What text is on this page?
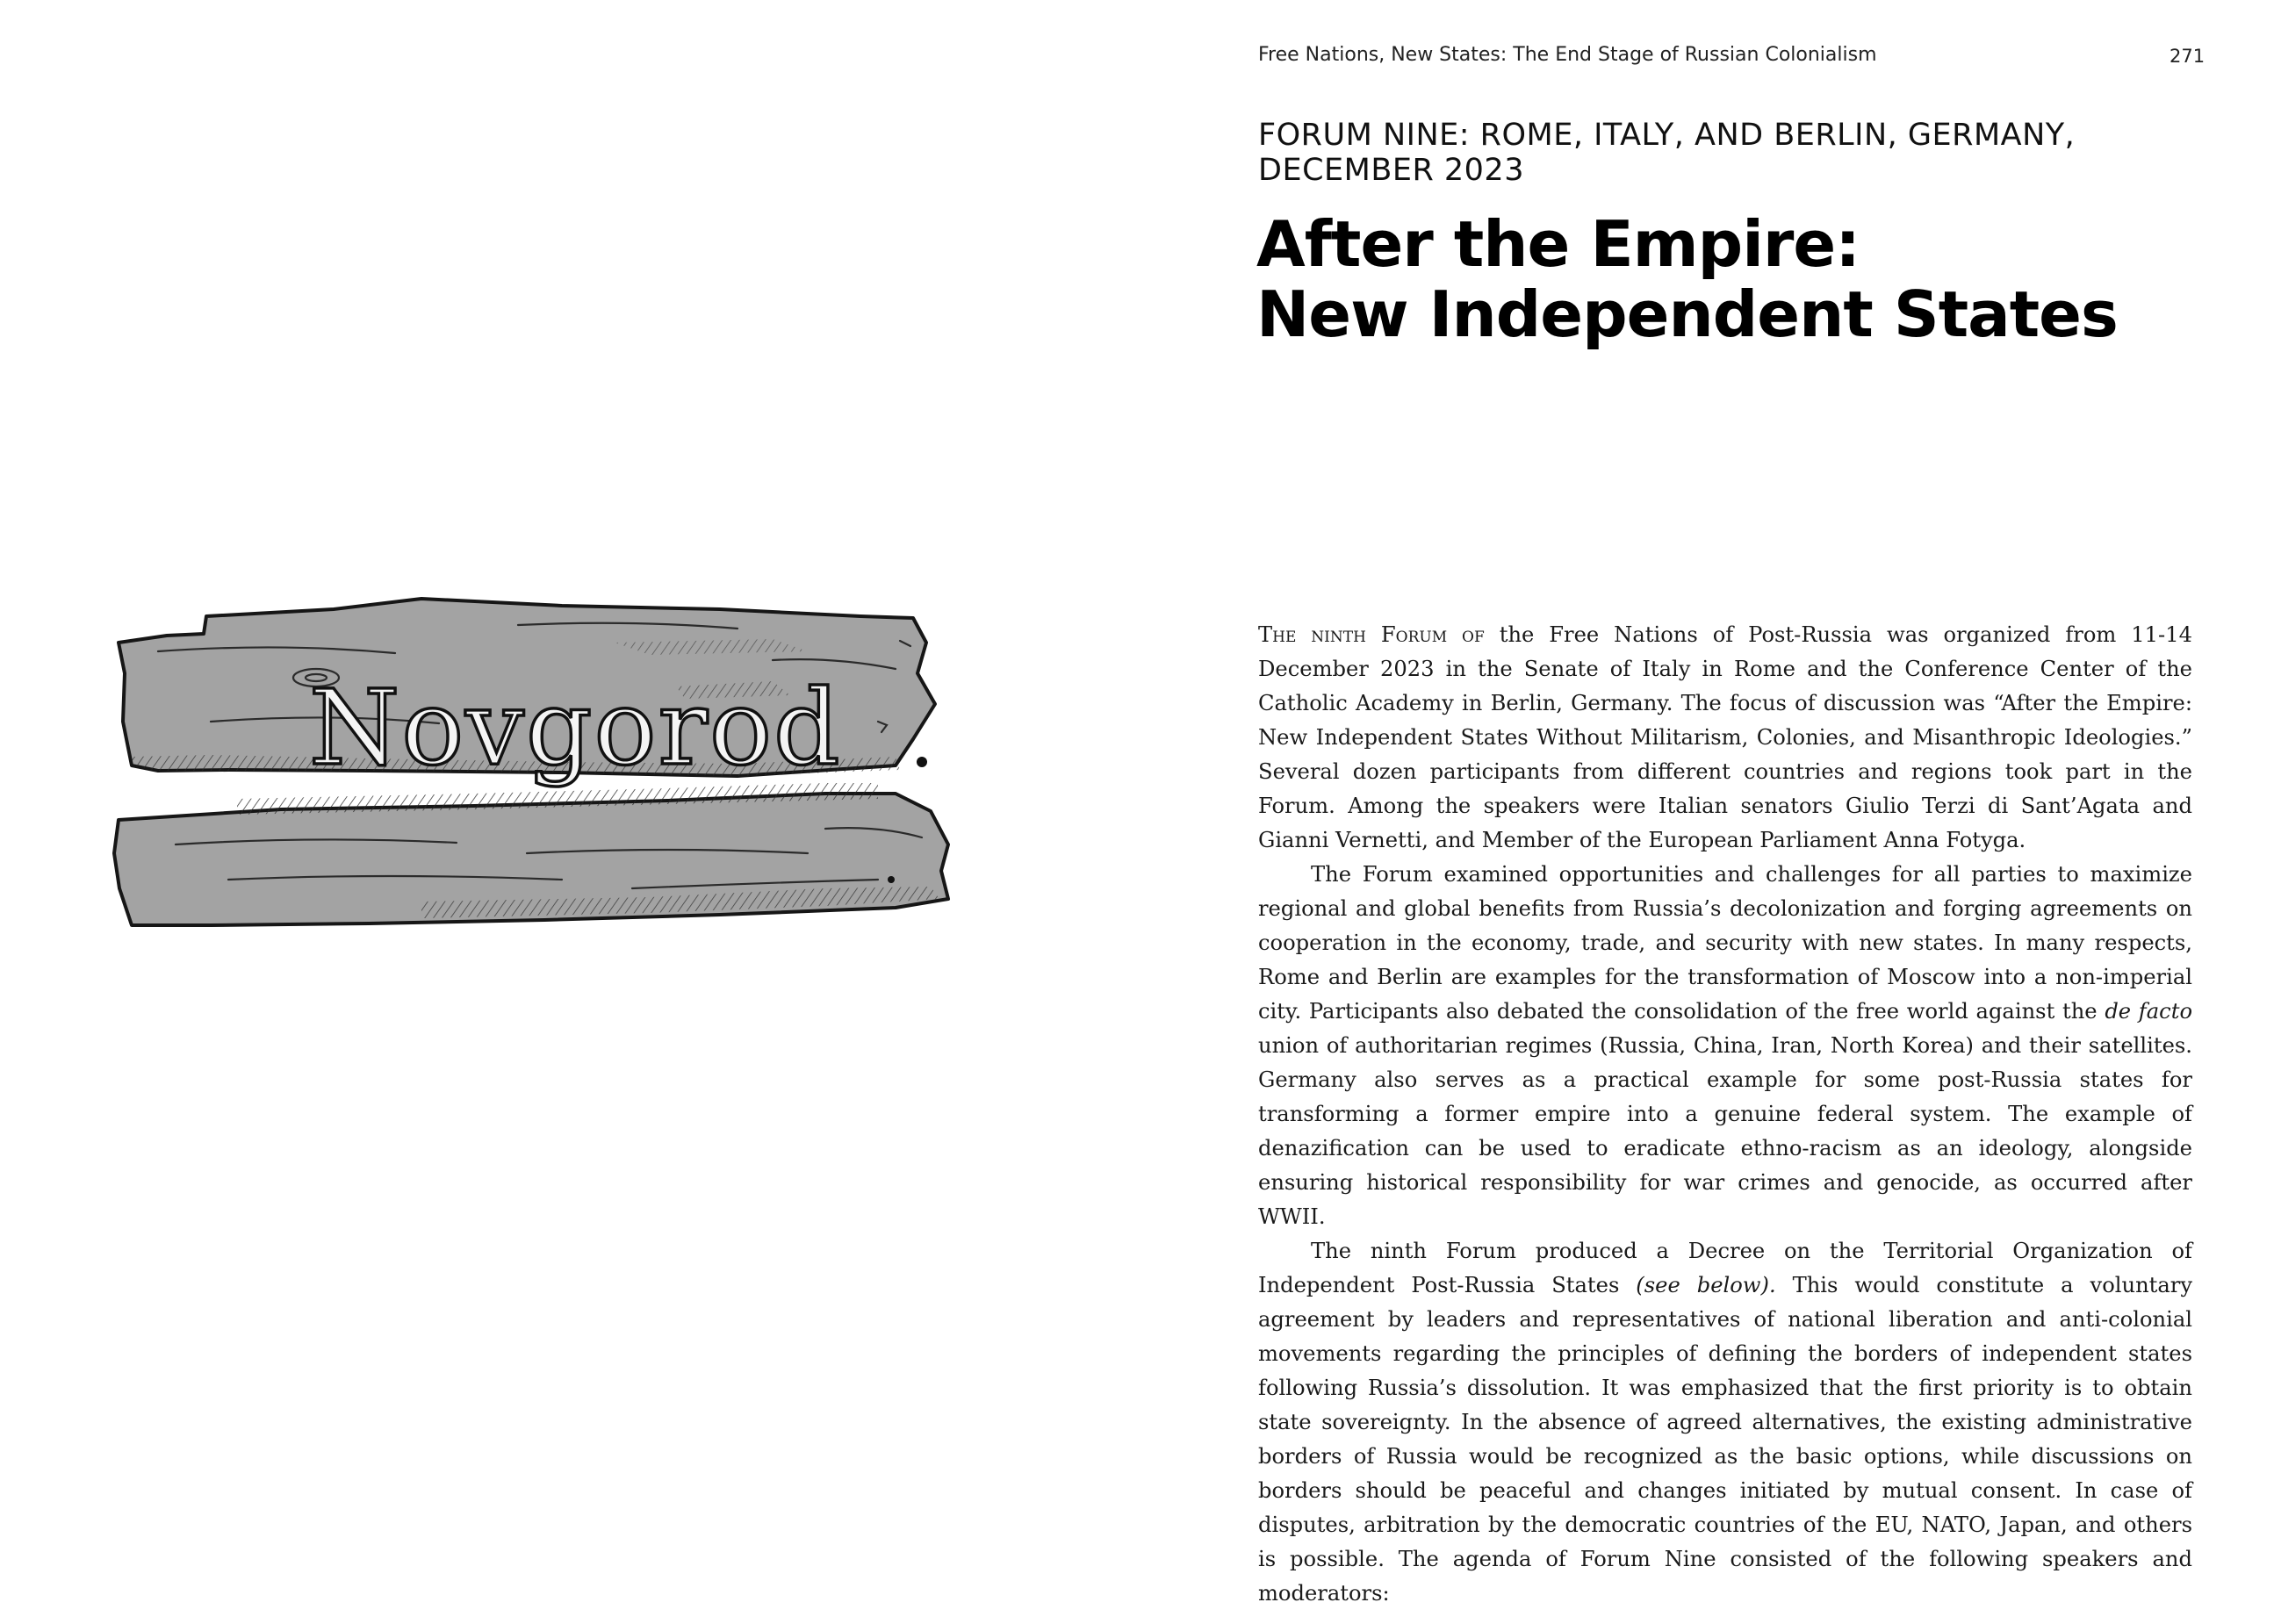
Novgorod
Free Nations, New States: The End Stage of Russian Colonialism	271
FORUM NINE: ROME, ITALY, AND BERLIN, GERMANY, DECEMBER 2023
After the Empire:
New Independent States

The ninth Forum of the Free Nations of Post-Russia was organized from 11-14 December 2023 in the Senate of Italy in Rome and the Conference Center of the Catholic Academy in Berlin, Germany. The focus of discussion was “After the Empire: New Independent States Without Militarism, Colonies, and Misanthropic Ideologies.” Several dozen participants from different countries and regions took part in the Forum. Among the speakers were Italian senators Giulio Terzi di Sant’Agata and Gianni Vernetti, and Member of the European Parliament Anna Fotyga.

The Forum examined opportunities and challenges for all parties to maximize regional and global benefits from Russia’s decolonization and forging agreements on cooperation in the economy, trade, and security with new states. In many respects, Rome and Berlin are examples for the transformation of Moscow into a non-imperial city. Participants also debated the consolidation of the free world against the de facto union of authoritarian regimes (Russia, China, Iran, North Korea) and their satellites. Germany also serves as a practical example for some post-Russia states for transforming a former empire into a genuine federal system. The example of denazification can be used to eradicate ethno-racism as an ideology, alongside ensuring historical responsibility for war crimes and genocide, as occurred after WWII.

The ninth Forum produced a Decree on the Territorial Organization of Independent Post-Russia States (see below). This would constitute a voluntary agreement by leaders and representatives of national liberation and anti-colonial movements regarding the principles of defining the borders of independent states following Russia’s dissolution. It was emphasized that the first priority is to obtain state sovereignty. In the absence of agreed alternatives, the existing administrative borders of Russia would be recognized as the basic options, while discussions on borders should be peaceful and changes initiated by mutual consent. In case of disputes, arbitration by the democratic countries of the EU, NATO, Japan, and others is possible. The agenda of Forum Nine consisted of the following speakers and moderators:
